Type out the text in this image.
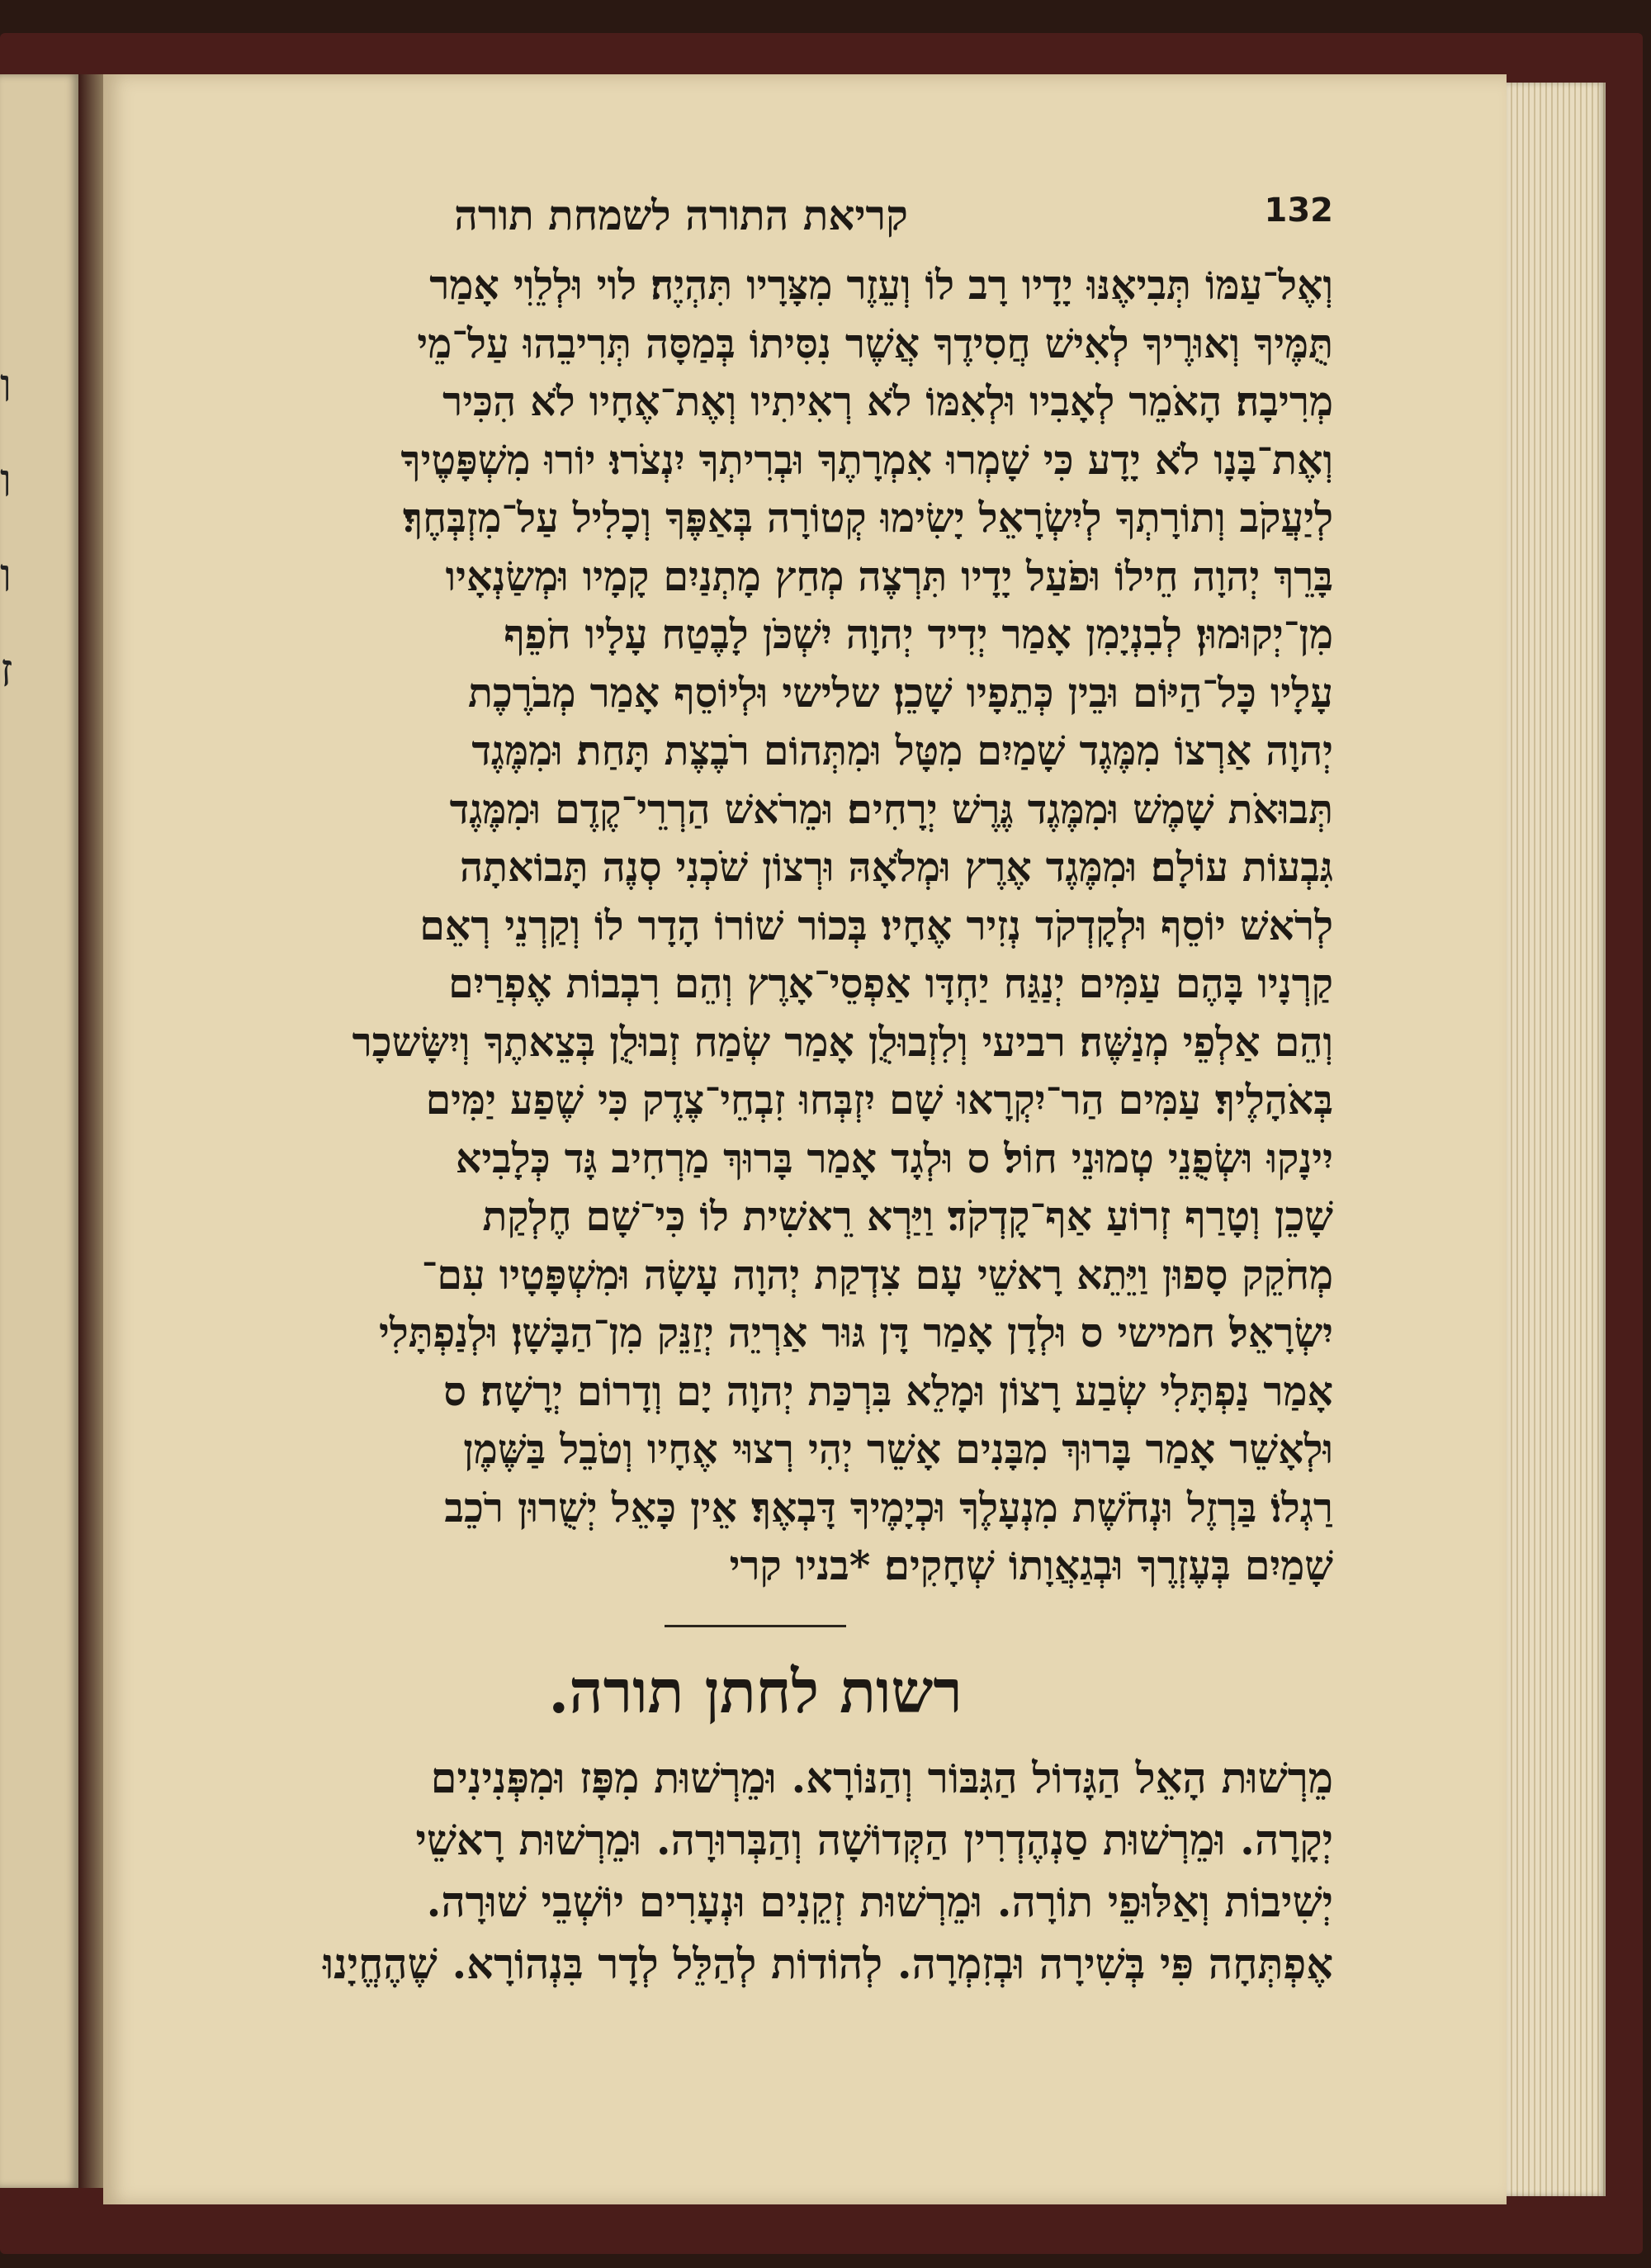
ו
ו
ו
ז
132
קריאת התורה לשמחת תורה
וְאֶל־עַמּוֹ תְּבִיאֶנּוּ יָדָיו רָב לוֹ וְעֵזֶר מִצָּרָיו תִּהְיֶה׃ לוי וּלְלֵוִי אָמַר
תֻּמֶּיךָ וְאוּרֶיךָ לְאִישׁ חֲסִידֶךָ אֲשֶׁר נִסִּיתוֹ בְּמַסָּה תְּרִיבֵהוּ עַל־מֵי
מְרִיבָה׃ הָאֹמֵר לְאָבִיו וּלְאִמּוֹ לֹא רְאִיתִיו וְאֶת־אֶחָיו לֹא הִכִּיר
וְאֶת־בָּנָו לֹא יָדָע כִּי שָׁמְרוּ אִמְרָתֶךָ וּבְרִיתְךָ יִנְצֹרוּ׃ יוֹרוּ מִשְׁפָּטֶיךָ
לְיַעֲקֹב וְתוֹרָתְךָ לְיִשְׂרָאֵל יָשִׂימוּ קְטוֹרָה בְּאַפֶּךָ וְכָלִיל עַל־מִזְבְּחֶךָ׃
בָּרֵךְ יְהוָה חֵילוֹ וּפֹעַל יָדָיו תִּרְצֶה מְחַץ מָתְנַיִם קָמָיו וּמְשַׂנְאָיו
מִן־יְקוּמוּן׃ לְבִנְיָמִן אָמַר יְדִיד יְהוָה יִשְׁכֹּן לָבֶטַח עָלָיו חֹפֵף
עָלָיו כָּל־הַיּוֹם וּבֵין כְּתֵפָיו שָׁכֵן׃ שלישי וּלְיוֹסֵף אָמַר מְבֹרֶכֶת
יְהוָה אַרְצוֹ מִמֶּגֶד שָׁמַיִם מִטָּל וּמִתְּהוֹם רֹבֶצֶת תָּחַת׃ וּמִמֶּגֶד
תְּבוּאֹת שָׁמֶשׁ וּמִמֶּגֶד גֶּרֶשׁ יְרָחִים׃ וּמֵרֹאשׁ הַרְרֵי־קֶדֶם וּמִמֶּגֶד
גִּבְעוֹת עוֹלָם׃ וּמִמֶּגֶד אֶרֶץ וּמְלֹאָהּ וּרְצוֹן שֹׁכְנִי סְנֶה תָּבוֹאתָה
לְרֹאשׁ יוֹסֵף וּלְקָדְקֹד נְזִיר אֶחָיו׃ בְּכוֹר שׁוֹרוֹ הָדָר לוֹ וְקַרְנֵי רְאֵם
קַרְנָיו בָּהֶם עַמִּים יְנַגַּח יַחְדָּו אַפְסֵי־אָרֶץ וְהֵם רִבְבוֹת אֶפְרַיִם
וְהֵם אַלְפֵי מְנַשֶּׁה׃ רביעי וְלִזְבוּלֻן אָמַר שְׂמַח זְבוּלֻן בְּצֵאתֶךָ וְיִשָּׂשכָר
בְּאֹהָלֶיךָ׃ עַמִּים הַר־יִקְרָאוּ שָׁם יִזְבְּחוּ זִבְחֵי־צֶדֶק כִּי שֶׁפַע יַמִּים
יִינָקוּ וּשְׂפֻנֵי טְמוּנֵי חוֹל׃ ס וּלְגָד אָמַר בָּרוּךְ מַרְחִיב גָּד כְּלָבִיא
שָׁכֵן וְטָרַף זְרוֹעַ אַף־קָדְקֹד׃ וַיַּרְא רֵאשִׁית לוֹ כִּי־שָׁם חֶלְקַת
מְחֹקֵק סָפוּן וַיֵּתֵא רָאשֵׁי עָם צִדְקַת יְהוָה עָשָׂה וּמִשְׁפָּטָיו עִם־
יִשְׂרָאֵל׃ חמישי ס וּלְדָן אָמַר דָּן גּוּר אַרְיֵה יְזַנֵּק מִן־הַבָּשָׁן׃ וּלְנַפְתָּלִי
אָמַר נַפְתָּלִי שְׂבַע רָצוֹן וּמָלֵא בִּרְכַּת יְהוָה יָם וְדָרוֹם יְרָשָׁה׃ ס
וּלְאָשֵׁר אָמַר בָּרוּךְ מִבָּנִים אָשֵׁר יְהִי רְצוּי אֶחָיו וְטֹבֵל בַּשֶּׁמֶן
רַגְלוֹ׃ בַּרְזֶל וּנְחֹשֶׁת מִנְעָלֶךָ וּכְיָמֶיךָ דָּבְאֶךָ׃ אֵין כָּאֵל יְשֻׁרוּן רֹכֵב
שָׁמַיִם בְּעֶזְרֶךָ וּבְגַאֲוָתוֹ שְׁחָקִים׃ *בניו קרי
רשות לחתן תורה.
מֵרְשׁוּת הָאֵל הַגָּדוֹל הַגִּבּוֹר וְהַנּוֹרָא. וּמֵרְשׁוּת מִפָּז וּמִפְּנִינִים
יְקָרָה. וּמֵרְשׁוּת סַנְהֶדְרִין הַקְּדוֹשָׁה וְהַבְּרוּרָה. וּמֵרְשׁוּת רָאשֵׁי
יְשִׁיבוֹת וְאַלּוּפֵי תוֹרָה. וּמֵרְשׁוּת זְקֵנִים וּנְעָרִים יוֹשְׁבֵי שׁוּרָה.
אֶפְתְּחָה פִּי בְּשִׁירָה וּבְזִמְרָה. לְהוֹדוֹת לְהַלֵּל לְדָר בִּנְהוֹרָא. שֶׁהֶחֱיָנוּ
